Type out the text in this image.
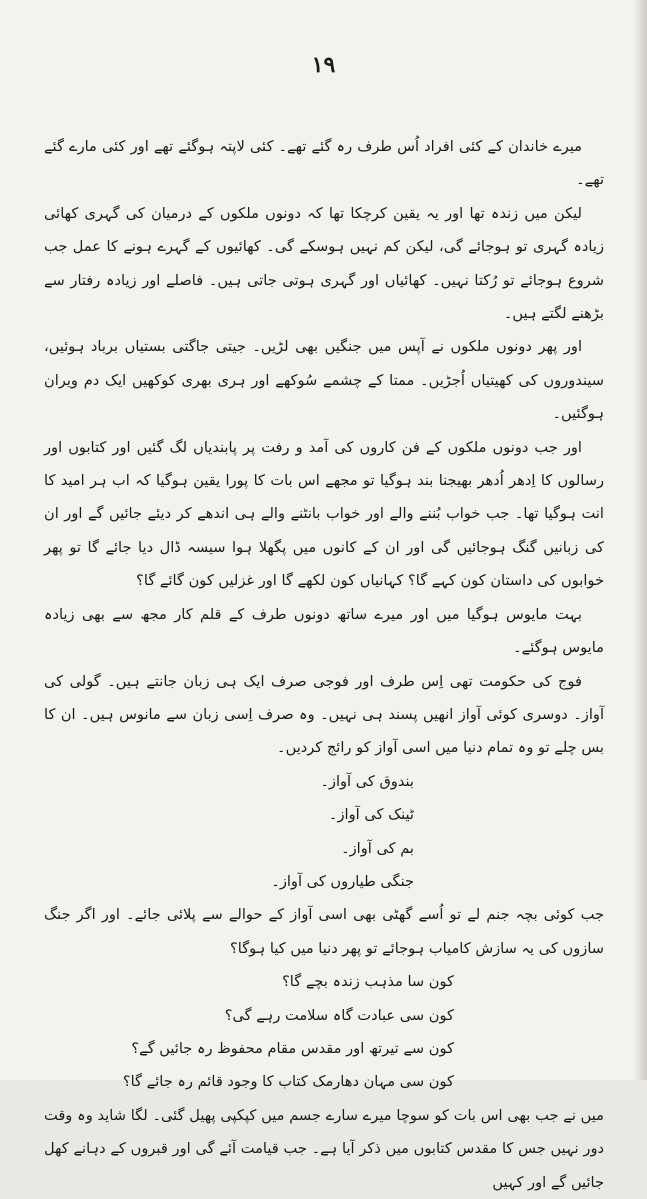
١٩

میرے خاندان کے کئی افراد اُس طرف رہ گئے تھے۔ کئی لاپتہ ہوگئے تھے اور کئی مارے گئے تھے۔

لیکن میں زندہ تھا اور یہ یقین کرچکا تھا کہ دونوں ملکوں کے درمیان کی گہری کھائی زیادہ گہری تو ہوجائے گی، لیکن کم نہیں ہوسکے گی۔ کھائیوں کے گہرے ہونے کا عمل جب شروع ہوجائے تو رُکتا نہیں۔ کھائیاں اور گہری ہوتی جاتی ہیں۔ فاصلے اور زیادہ رفتار سے بڑھنے لگتے ہیں۔

اور پھر دونوں ملکوں نے آپس میں جنگیں بھی لڑیں۔ جیتی جاگتی بستیاں برباد ہوئیں، سیندوروں کی کھیتیاں اُجڑیں۔ ممتا کے چشمے سُوکھے اور ہری بھری کوکھیں ایک دم ویران ہوگئیں۔

اور جب دونوں ملکوں کے فن کاروں کی آمد و رفت پر پابندیاں لگ گئیں اور کتابوں اور رسالوں کا اِدھر اُدھر بھیجنا بند ہوگیا تو مجھے اس بات کا پورا یقین ہوگیا کہ اب ہر امید کا انت ہوگیا تھا۔ جب خواب بُننے والے اور خواب بانٹنے والے ہی اندھے کر دیئے جائیں گے اور ان کی زبانیں گنگ ہوجائیں گی اور ان کے کانوں میں پگھلا ہوا سیسہ ڈال دیا جائے گا تو پھر خوابوں کی داستان کون کہے گا؟ کہانیاں کون لکھے گا اور غزلیں کون گائے گا؟

بہت مایوس ہوگیا میں اور میرے ساتھ دونوں طرف کے قلم کار مجھ سے بھی زیادہ مایوس ہوگئے۔

فوج کی حکومت تھی اِس طرف اور فوجی صرف ایک ہی زبان جانتے ہیں۔ گولی کی آواز۔ دوسری کوئی آواز انھیں پسند ہی نہیں۔ وہ صرف اِسی زبان سے مانوس ہیں۔ ان کا بس چلے تو وہ تمام دنیا میں اسی آواز کو رائج کردیں۔

بندوق کی آواز۔
ٹینک کی آواز۔
بم کی آواز۔
جنگی طیاروں کی آواز۔

جب کوئی بچہ جنم لے تو اُسے گھٹی بھی اسی آواز کے حوالے سے پلائی جائے۔ اور اگر جنگ سازوں کی یہ سازش کامیاب ہوجائے تو پھر دنیا میں کیا ہوگا؟

کون سا مذہب زندہ بچے گا؟
کون سی عبادت گاہ سلامت رہے گی؟
کون سے تیرتھ اور مقدس مقام محفوظ رہ جائیں گے؟
کون سی مہان دھارمک کتاب کا وجود قائم رہ جائے گا؟

میں نے جب بھی اس بات کو سوچا میرے سارے جسم میں کپکپی پھیل گئی۔ لگا شاید وہ وقت دور نہیں جس کا مقدس کتابوں میں ذکر آیا ہے۔ جب قیامت آئے گی اور قبروں کے دہانے کھل جائیں گے اور کہیں
